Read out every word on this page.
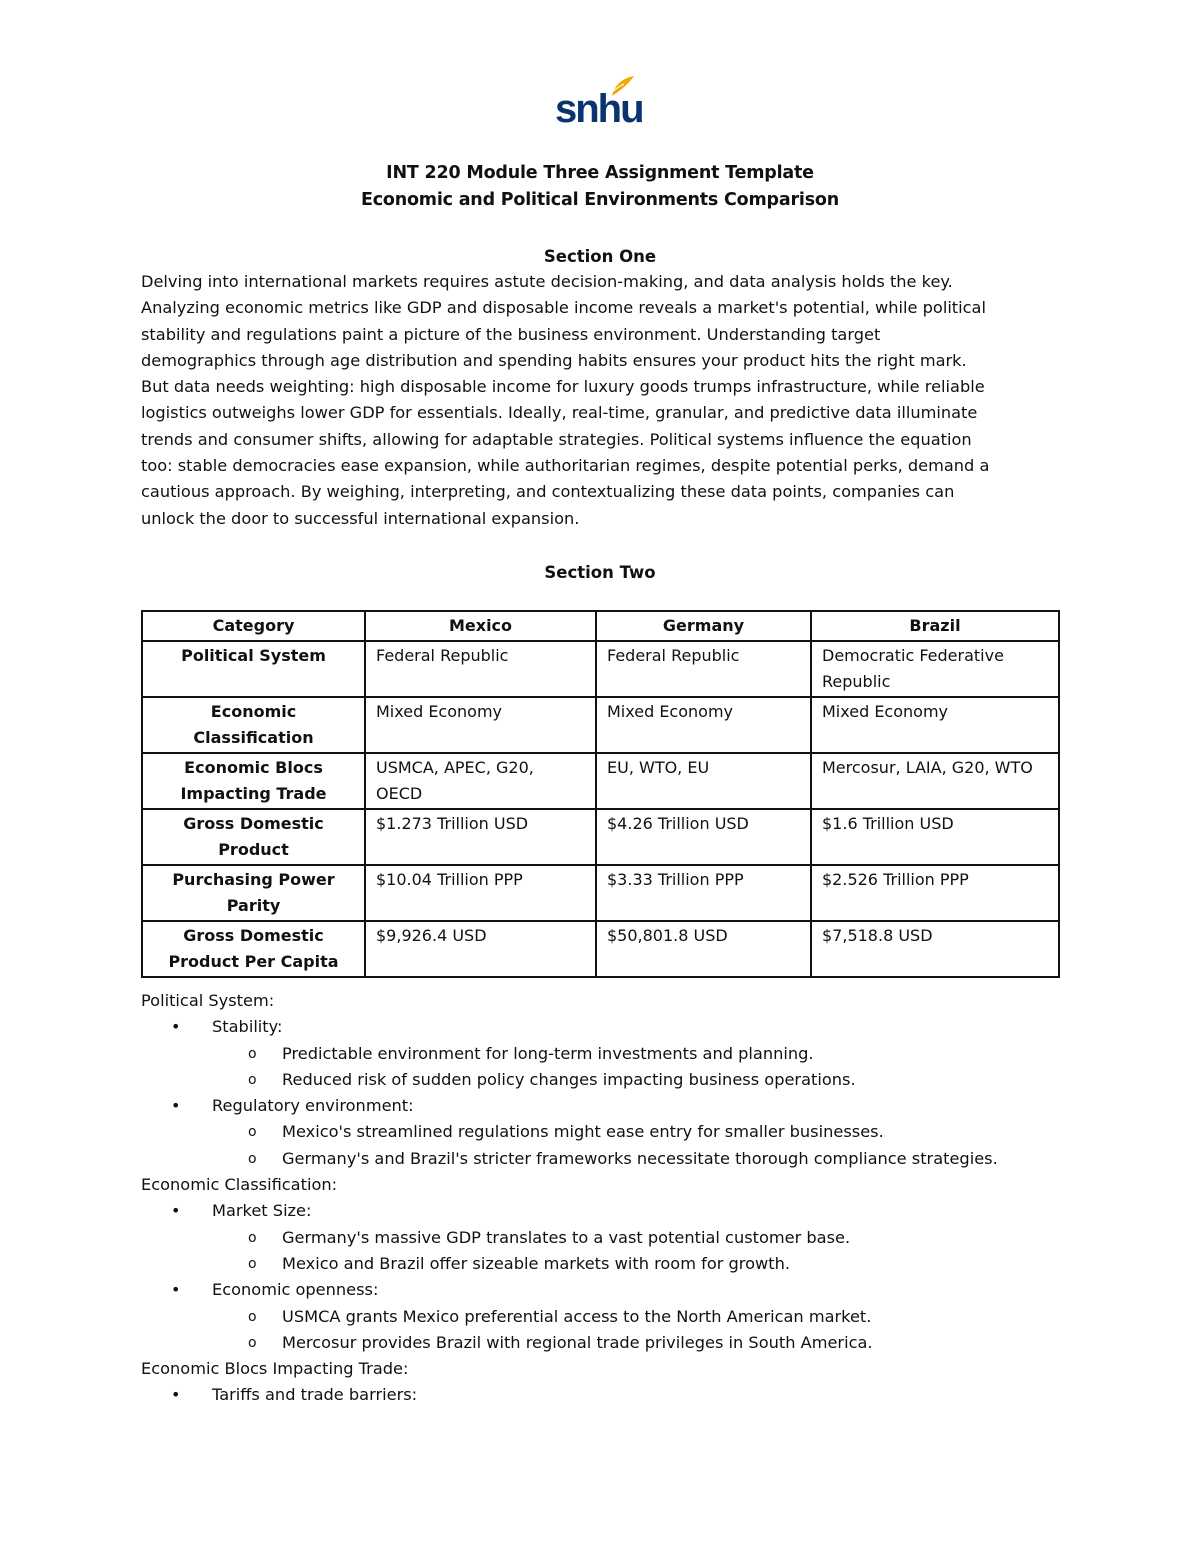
snhu
INT 220 Module Three Assignment Template
Economic and Political Environments Comparison
Section One

Delving into international markets requires astute decision-making, and data analysis holds the key.
Analyzing economic metrics like GDP and disposable income reveals a market's potential, while political
stability and regulations paint a picture of the business environment. Understanding target
demographics through age distribution and spending habits ensures your product hits the right mark.
But data needs weighting: high disposable income for luxury goods trumps infrastructure, while reliable
logistics outweighs lower GDP for essentials. Ideally, real-time, granular, and predictive data illuminate
trends and consumer shifts, allowing for adaptable strategies. Political systems influence the equation
too: stable democracies ease expansion, while authoritarian regimes, despite potential perks, demand a
cautious approach. By weighing, interpreting, and contextualizing these data points, companies can
unlock the door to successful international expansion.

Section Two
Category	Mexico	Germany	Brazil
Political System	Federal Republic	Federal Republic	Democratic Federative Republic
Economic Classification	Mixed Economy	Mixed Economy	Mixed Economy
Economic Blocs Impacting Trade	USMCA, APEC, G20, OECD	EU, WTO, EU	Mercosur, LAIA, G20, WTO
Gross Domestic Product	$1.273 Trillion USD	$4.26 Trillion USD	$1.6 Trillion USD
Purchasing Power Parity	$10.04 Trillion PPP	$3.33 Trillion PPP	$2.526 Trillion PPP
Gross Domestic Product Per Capita	$9,926.4 USD	$50,801.8 USD	$7,518.8 USD

Political System:

• Stability:

o Predictable environment for long-term investments and planning.

o Reduced risk of sudden policy changes impacting business operations.

• Regulatory environment:

o Mexico's streamlined regulations might ease entry for smaller businesses.

o Germany's and Brazil's stricter frameworks necessitate thorough compliance strategies.

Economic Classification:

• Market Size:

o Germany's massive GDP translates to a vast potential customer base.

o Mexico and Brazil offer sizeable markets with room for growth.

• Economic openness:

o USMCA grants Mexico preferential access to the North American market.

o Mercosur provides Brazil with regional trade privileges in South America.

Economic Blocs Impacting Trade:

• Tariffs and trade barriers:
